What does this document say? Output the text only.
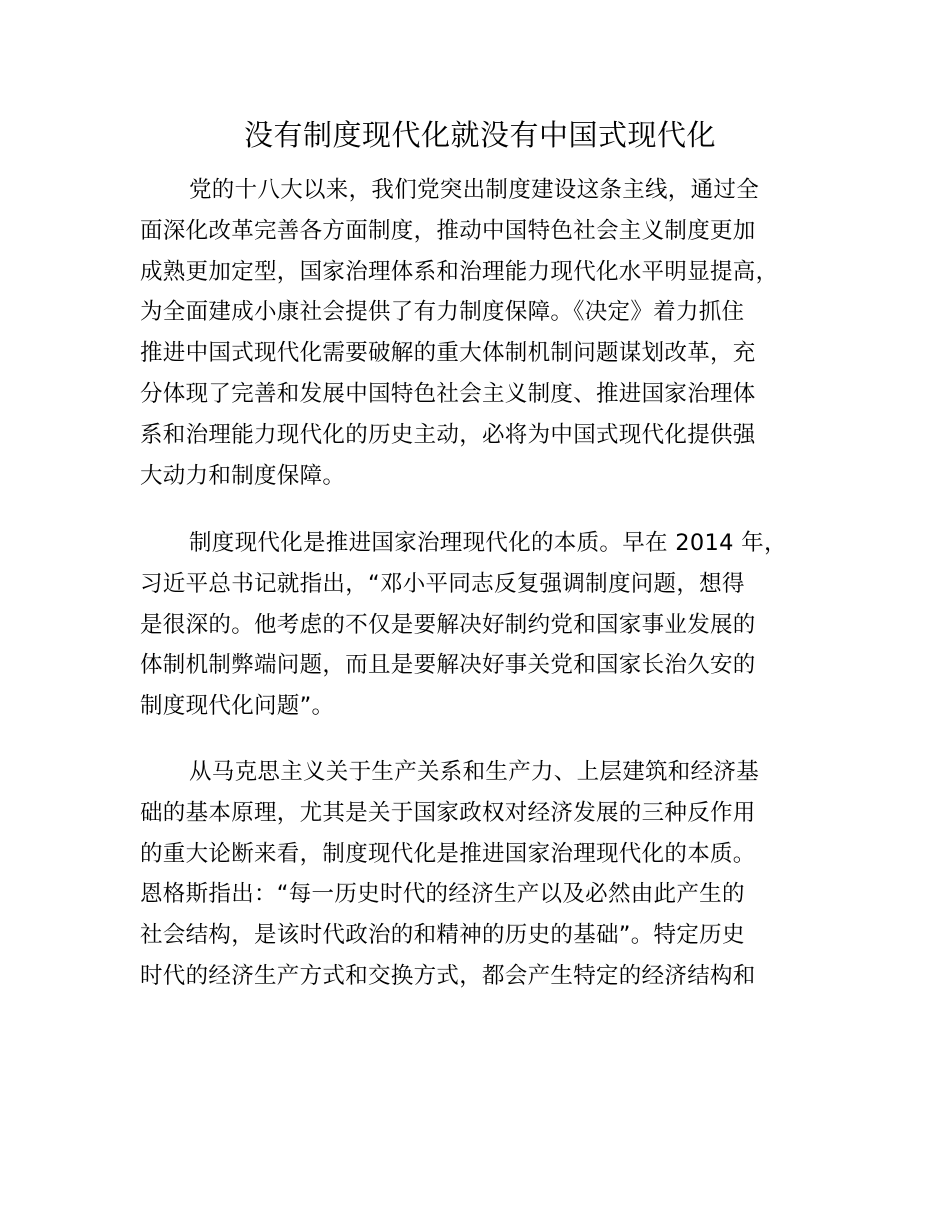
没有制度现代化就没有中国式现代化
党的十八大以来，我们党突出制度建设这条主线，通过全
面深化改革完善各方面制度，推动中国特色社会主义制度更加
成熟更加定型，国家治理体系和治理能力现代化水平明显提高，
为全面建成小康社会提供了有力制度保障。《决定》着力抓住
推进中国式现代化需要破解的重大体制机制问题谋划改革，充
分体现了完善和发展中国特色社会主义制度、推进国家治理体
系和治理能力现代化的历史主动，必将为中国式现代化提供强
大动力和制度保障。
制度现代化是推进国家治理现代化的本质。早在 2014 年，
习近平总书记就指出，“邓小平同志反复强调制度问题，想得
是很深的。他考虑的不仅是要解决好制约党和国家事业发展的
体制机制弊端问题，而且是要解决好事关党和国家长治久安的
制度现代化问题”。
从马克思主义关于生产关系和生产力、上层建筑和经济基
础的基本原理，尤其是关于国家政权对经济发展的三种反作用
的重大论断来看，制度现代化是推进国家治理现代化的本质。
恩格斯指出：“每一历史时代的经济生产以及必然由此产生的
社会结构，是该时代政治的和精神的历史的基础”。特定历史
时代的经济生产方式和交换方式，都会产生特定的经济结构和
